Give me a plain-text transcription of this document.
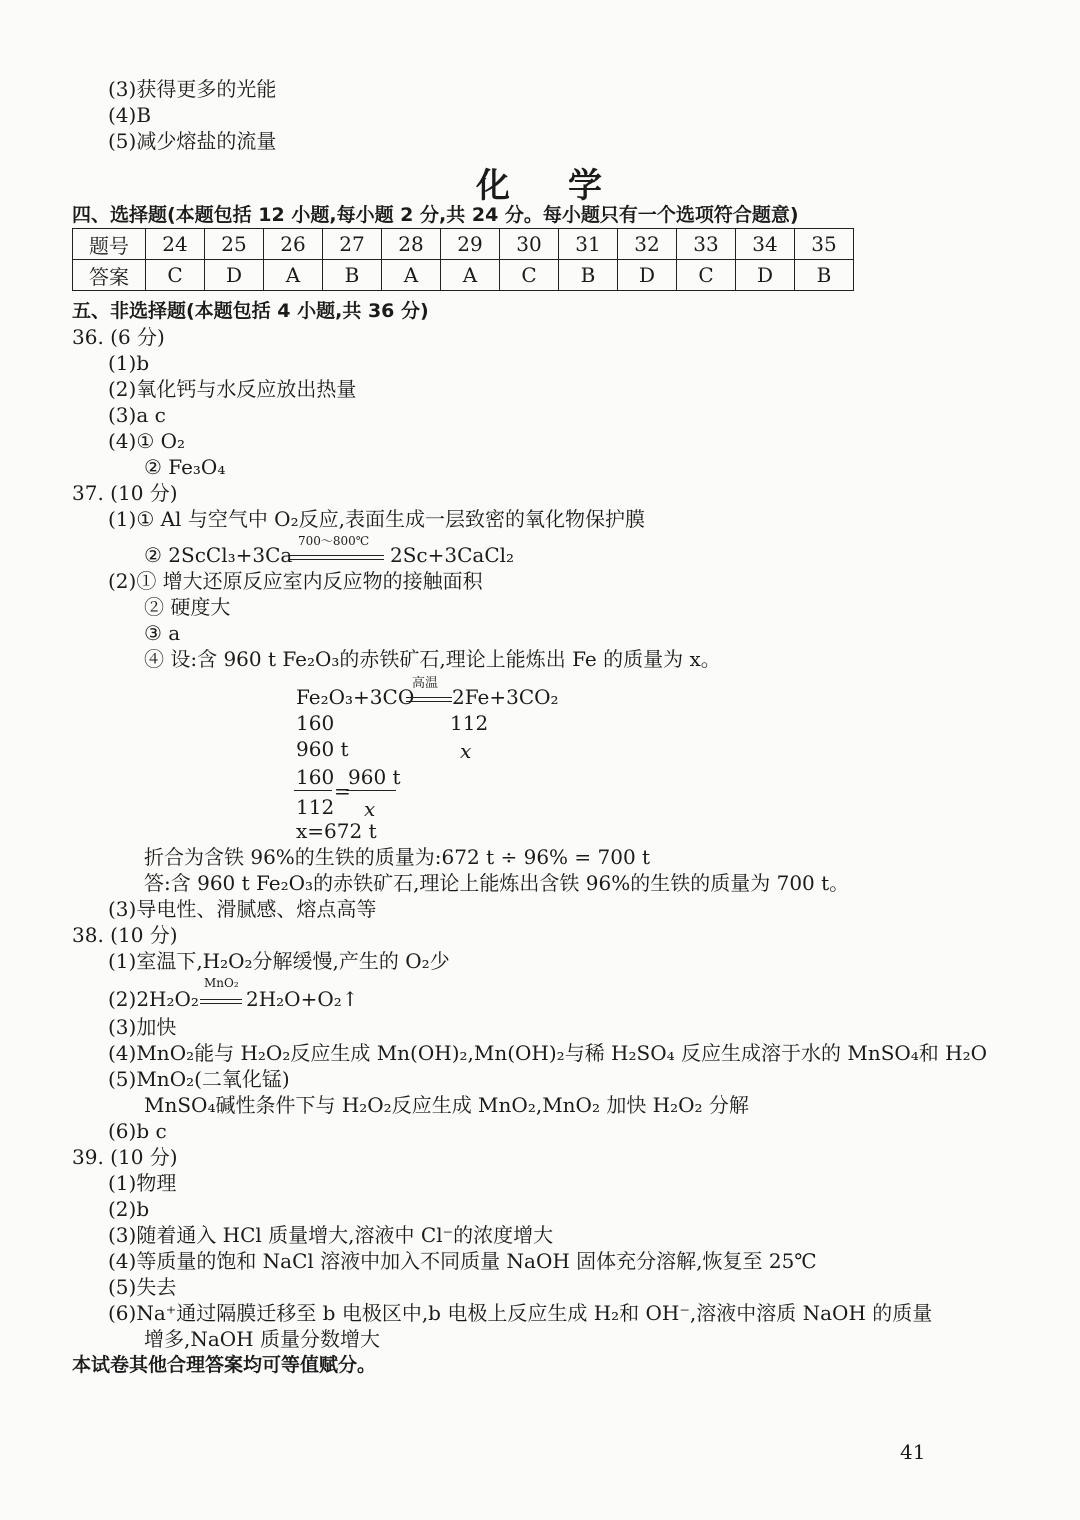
(3)获得更多的光能
(4)B
(5)减少熔盐的流量
化　学
四、选择题(本题包括 12 小题,每小题 2 分,共 24 分。每小题只有一个选项符合题意)
题号	24	25	26	27	28	29	30	31	32	33	34	35
答案	C	D	A	B	A	A	C	B	D	C	D	B
五、非选择题(本题包括 4 小题,共 36 分)
36. (6 分)
(1)b
(2)氧化钙与水反应放出热量
(3)a c
(4)① O₂
② Fe₃O₄
37. (10 分)
(1)① Al 与空气中 O₂反应,表面生成一层致密的氧化物保护膜
② 2ScCl₃+3Ca
700～800℃
2Sc+3CaCl₂
(2)① 增大还原反应室内反应物的接触面积
② 硬度大
③ a
④ 设:含 960 t Fe₂O₃的赤铁矿石,理论上能炼出 Fe 的质量为 x。
Fe₂O₃+3CO
高温
2Fe+3CO₂
160	112
960 t	x
160
112
=
960 t
x
x=672 t
折合为含铁 96%的生铁的质量为:672 t ÷ 96% = 700 t
答:含 960 t Fe₂O₃的赤铁矿石,理论上能炼出含铁 96%的生铁的质量为 700 t。
(3)导电性、滑腻感、熔点高等
38. (10 分)
(1)室温下,H₂O₂分解缓慢,产生的 O₂少
(2)2H₂O₂
MnO₂
2H₂O+O₂↑
(3)加快
(4)MnO₂能与 H₂O₂反应生成 Mn(OH)₂,Mn(OH)₂与稀 H₂SO₄ 反应生成溶于水的 MnSO₄和 H₂O
(5)MnO₂(二氧化锰)
MnSO₄碱性条件下与 H₂O₂反应生成 MnO₂,MnO₂ 加快 H₂O₂ 分解
(6)b c
39. (10 分)
(1)物理
(2)b
(3)随着通入 HCl 质量增大,溶液中 Cl⁻的浓度增大
(4)等质量的饱和 NaCl 溶液中加入不同质量 NaOH 固体充分溶解,恢复至 25℃
(5)失去
(6)Na⁺通过隔膜迁移至 b 电极区中,b 电极上反应生成 H₂和 OH⁻,溶液中溶质 NaOH 的质量
增多,NaOH 质量分数增大
本试卷其他合理答案均可等值赋分。
41
